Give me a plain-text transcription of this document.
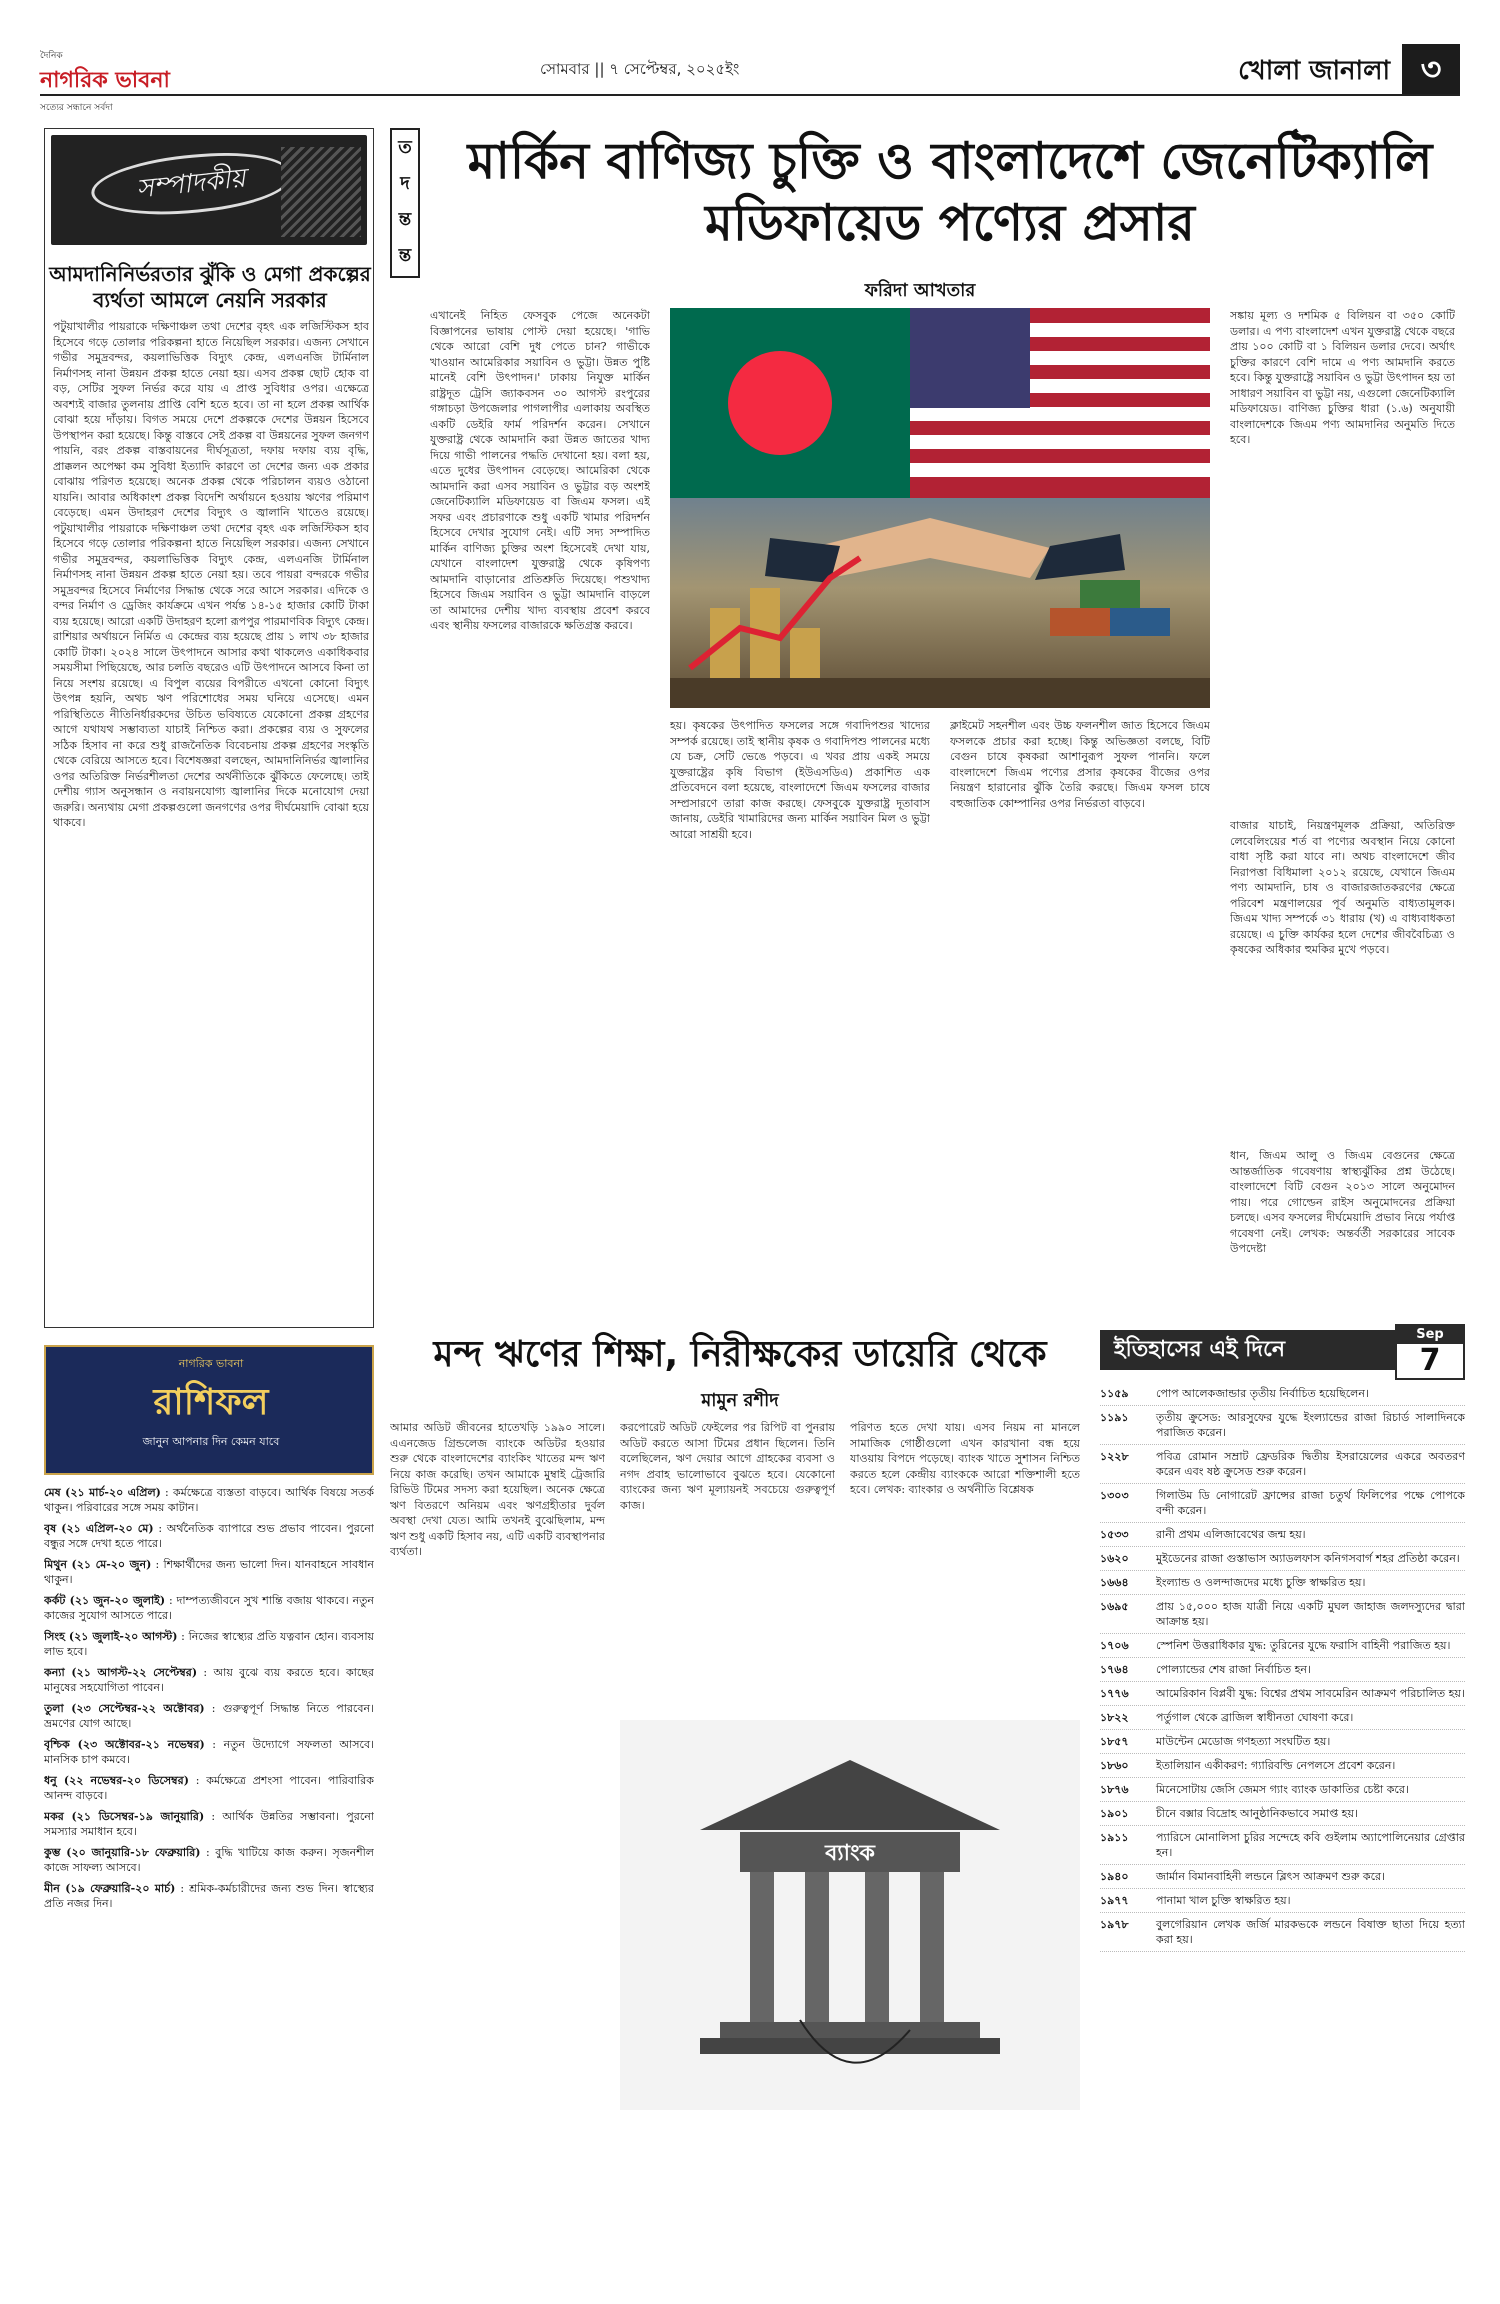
দৈনিক
নাগরিক ভাবনা
সত্যের সন্ধানে সর্বদা
সোমবার || ৭ সেপ্টেম্বর, ২০২৫ইং	খোলা জানালা ৩
সম্পাদকীয়
আমদানিনির্ভরতার ঝুঁকি ও মেগা প্রকল্পের ব্যর্থতা আমলে নেয়নি সরকার
পটুয়াখালীর পায়রাকে দক্ষিণাঞ্চল তথা দেশের বৃহৎ এক লজিস্টিকস হাব হিসেবে গড়ে তোলার পরিকল্পনা হাতে নিয়েছিল সরকার। এজন্য সেখানে গভীর সমুদ্রবন্দর, কয়লাভিত্তিক বিদ্যুৎ কেন্দ্র, এলএনজি টার্মিনাল নির্মাণসহ নানা উন্নয়ন প্রকল্প হাতে নেয়া হয়। এসব প্রকল্প ছোট হোক বা বড়, সেটির সুফল নির্ভর করে যায় এ প্রাপ্ত সুবিধার ওপর। এক্ষেত্রে অবশ্যই বাজার তুলনায় প্রাপ্তি বেশি হতে হবে। তা না হলে প্রকল্প আর্থিক বোঝা হয়ে দাঁড়ায়। বিগত সময়ে দেশে প্রকল্পকে দেশের উন্নয়ন হিসেবে উপস্থাপন করা হয়েছে। কিন্তু বাস্তবে সেই প্রকল্প বা উন্নয়নের সুফল জনগণ পায়নি, বরং প্রকল্প বাস্তবায়নের দীর্ঘসূত্রতা, দফায় দফায় ব্যয় বৃদ্ধি, প্রাক্কলন অপেক্ষা কম সুবিধা ইত্যাদি কারণে তা দেশের জন্য এক প্রকার বোঝায় পরিণত হয়েছে। অনেক প্রকল্প থেকে পরিচালন ব্যয়ও ওঠানো যায়নি। আবার অধিকাংশ প্রকল্প বিদেশি অর্থায়নে হওয়ায় ঋণের পরিমাণ বেড়েছে। এমন উদাহরণ দেশের বিদ্যুৎ ও জ্বালানি খাতেও রয়েছে। পটুয়াখালীর পায়রাকে দক্ষিণাঞ্চল তথা দেশের বৃহৎ এক লজিস্টিকস হাব হিসেবে গড়ে তোলার পরিকল্পনা হাতে নিয়েছিল সরকার। এজন্য সেখানে গভীর সমুদ্রবন্দর, কয়লাভিত্তিক বিদ্যুৎ কেন্দ্র, এলএনজি টার্মিনাল নির্মাণসহ নানা উন্নয়ন প্রকল্প হাতে নেয়া হয়। তবে পায়রা বন্দরকে গভীর সমুদ্রবন্দর হিসেবে নির্মাণের সিদ্ধান্ত থেকে সরে আসে সরকার। এদিকে ও বন্দর নির্মাণ ও ড্রেজিং কার্যক্রমে এখন পর্যন্ত ১৪-১৫ হাজার কোটি টাকা ব্যয় হয়েছে। আরো একটি উদাহরণ হলো রূপপুর পারমাণবিক বিদ্যুৎ কেন্দ্র। রাশিয়ার অর্থায়নে নির্মিত এ কেন্দ্রের ব্যয় হয়েছে প্রায় ১ লাখ ৩৮ হাজার কোটি টাকা। ২০২৪ সালে উৎপাদনে আসার কথা থাকলেও একাধিকবার সময়সীমা পিছিয়েছে, আর চলতি বছরেও এটি উৎপাদনে আসবে কিনা তা নিয়ে সংশয় রয়েছে। এ বিপুল ব্যয়ের বিপরীতে এখনো কোনো বিদ্যুৎ উৎপন্ন হয়নি, অথচ ঋণ পরিশোধের সময় ঘনিয়ে এসেছে। এমন পরিস্থিতিতে নীতিনির্ধারকদের উচিত ভবিষ্যতে যেকোনো প্রকল্প গ্রহণের আগে যথাযথ সম্ভাব্যতা যাচাই নিশ্চিত করা। প্রকল্পের ব্যয় ও সুফলের সঠিক হিসাব না করে শুধু রাজনৈতিক বিবেচনায় প্রকল্প গ্রহণের সংস্কৃতি থেকে বেরিয়ে আসতে হবে। বিশেষজ্ঞরা বলছেন, আমদানিনির্ভর জ্বালানির ওপর অতিরিক্ত নির্ভরশীলতা দেশের অর্থনীতিকে ঝুঁকিতে ফেলেছে। তাই দেশীয় গ্যাস অনুসন্ধান ও নবায়নযোগ্য জ্বালানির দিকে মনোযোগ দেয়া জরুরি। অন্যথায় মেগা প্রকল্পগুলো জনগণের ওপর দীর্ঘমেয়াদি বোঝা হয়ে থাকবে।
ত
দ
ন্ত
ন্ত
মার্কিন বাণিজ্য চুক্তি ও বাংলাদেশে জেনেটিক্যালি
মডিফায়েড পণ্যের প্রসার
ফরিদা আখতার
এখানেই নিহিত ফেসবুক পেজে অনেকটা বিজ্ঞাপনের ভাষায় পোস্ট দেয়া হয়েছে। 'গাভি থেকে আরো বেশি দুধ পেতে চান? গাভীকে খাওয়ান আমেরিকার সয়াবিন ও ভুট্টা। উন্নত পুষ্টি মানেই বেশি উৎপাদন।' ঢাকায় নিযুক্ত মার্কিন রাষ্ট্রদূত ট্রেসি জ্যাকবসন ৩০ আগস্ট রংপুরের গঙ্গাচড়া উপজেলার পাগলাপীর এলাকায় অবস্থিত একটি ডেইরি ফার্ম পরিদর্শন করেন। সেখানে যুক্তরাষ্ট্র থেকে আমদানি করা উন্নত জাতের খাদ্য দিয়ে গাভী পালনের পদ্ধতি দেখানো হয়। বলা হয়, এতে দুধের উৎপাদন বেড়েছে। আমেরিকা থেকে আমদানি করা এসব সয়াবিন ও ভুট্টার বড় অংশই জেনেটিক্যালি মডিফায়েড বা জিএম ফসল। এই সফর এবং প্রচারণাকে শুধু একটি খামার পরিদর্শন হিসেবে দেখার সুযোগ নেই। এটি সদ্য সম্পাদিত মার্কিন বাণিজ্য চুক্তির অংশ হিসেবেই দেখা যায়, যেখানে বাংলাদেশ যুক্তরাষ্ট্র থেকে কৃষিপণ্য আমদানি বাড়ানোর প্রতিশ্রুতি দিয়েছে। পশুখাদ্য হিসেবে জিএম সয়াবিন ও ভুট্টা আমদানি বাড়লে তা আমাদের দেশীয় খাদ্য ব্যবস্থায় প্রবেশ করবে এবং স্থানীয় ফসলের বাজারকে ক্ষতিগ্রস্ত করবে।
হয়। কৃষকের উৎপাদিত ফসলের সঙ্গে গবাদিপশুর খাদ্যের সম্পর্ক রয়েছে। তাই স্থানীয় কৃষক ও গবাদিপশু পালনের মধ্যে যে চক্র, সেটি ভেঙে পড়বে। এ খবর প্রায় একই সময়ে যুক্তরাষ্ট্রের কৃষি বিভাগ (ইউএসডিএ) প্রকাশিত এক প্রতিবেদনে বলা হয়েছে, বাংলাদেশে জিএম ফসলের বাজার সম্প্রসারণে তারা কাজ করছে। ফেসবুকে যুক্তরাষ্ট্র দূতাবাস জানায়, ডেইরি খামারিদের জন্য মার্কিন সয়াবিন মিল ও ভুট্টা আরো সাশ্রয়ী হবে।
ক্লাইমেট সহনশীল এবং উচ্চ ফলনশীল জাত হিসেবে জিএম ফসলকে প্রচার করা হচ্ছে। কিন্তু অভিজ্ঞতা বলছে, বিটি বেগুন চাষে কৃষকরা আশানুরূপ সুফল পাননি। ফলে বাংলাদেশে জিএম পণ্যের প্রসার কৃষকের বীজের ওপর নিয়ন্ত্রণ হারানোর ঝুঁকি তৈরি করছে। জিএম ফসল চাষে বহুজাতিক কোম্পানির ওপর নির্ভরতা বাড়বে।
সঙ্কায় মূল্য ও দশমিক ৫ বিলিয়ন বা ৩৫০ কোটি ডলার। এ পণ্য বাংলাদেশ এখন যুক্তরাষ্ট্র থেকে বছরে প্রায় ১০০ কোটি বা ১ বিলিয়ন ডলার দেবে। অর্থাৎ চুক্তির কারণে বেশি দামে এ পণ্য আমদানি করতে হবে। কিন্তু যুক্তরাষ্ট্রে সয়াবিন ও ভুট্টা উৎপাদন হয় তা সাধারণ সয়াবিন বা ভুট্টা নয়, এগুলো জেনেটিক্যালি মডিফায়েড। বাণিজ্য চুক্তির ধারা (১.৬) অনুযায়ী বাংলাদেশকে জিএম পণ্য আমদানির অনুমতি দিতে হবে।
বাজার যাচাই, নিয়ন্ত্রণমূলক প্রক্রিয়া, অতিরিক্ত লেবেলিংয়ের শর্ত বা পণ্যের অবস্থান নিয়ে কোনো বাধা সৃষ্টি করা যাবে না। অথচ বাংলাদেশে জীব নিরাপত্তা বিধিমালা ২০১২ রয়েছে, যেখানে জিএম পণ্য আমদানি, চাষ ও বাজারজাতকরণের ক্ষেত্রে পরিবেশ মন্ত্রণালয়ের পূর্ব অনুমতি বাধ্যতামূলক। জিএম খাদ্য সম্পর্কে ৩১ ধারায় (খ) এ বাধ্যবাধকতা রয়েছে। এ চুক্তি কার্যকর হলে দেশের জীববৈচিত্র্য ও কৃষকের অধিকার হুমকির মুখে পড়বে।
ধান, জিএম আলু ও জিএম বেগুনের ক্ষেত্রে আন্তর্জাতিক গবেষণায় স্বাস্থ্যঝুঁকির প্রশ্ন উঠেছে। বাংলাদেশে বিটি বেগুন ২০১৩ সালে অনুমোদন পায়। পরে গোল্ডেন রাইস অনুমোদনের প্রক্রিয়া চলছে। এসব ফসলের দীর্ঘমেয়াদি প্রভাব নিয়ে পর্যাপ্ত গবেষণা নেই। লেখক: অন্তর্বর্তী সরকারের সাবেক উপদেষ্টা
নাগরিক ভাবনা
রাশিফল
জানুন আপনার দিন কেমন যাবে
মেষ (২১ মার্চ-২০ এপ্রিল) : কর্মক্ষেত্রে ব্যস্ততা বাড়বে। আর্থিক বিষয়ে সতর্ক থাকুন। পরিবারের সঙ্গে সময় কাটান।
বৃষ (২১ এপ্রিল-২০ মে) : অর্থনৈতিক ব্যাপারে শুভ প্রভাব পাবেন। পুরনো বন্ধুর সঙ্গে দেখা হতে পারে।
মিথুন (২১ মে-২০ জুন) : শিক্ষার্থীদের জন্য ভালো দিন। যানবাহনে সাবধান থাকুন।
কর্কট (২১ জুন-২০ জুলাই) : দাম্পত্যজীবনে সুখ শান্তি বজায় থাকবে। নতুন কাজের সুযোগ আসতে পারে।
সিংহ (২১ জুলাই-২০ আগস্ট) : নিজের স্বাস্থ্যের প্রতি যত্নবান হোন। ব্যবসায় লাভ হবে।
কন্যা (২১ আগস্ট-২২ সেপ্টেম্বর) : আয় বুঝে ব্যয় করতে হবে। কাছের মানুষের সহযোগিতা পাবেন।
তুলা (২৩ সেপ্টেম্বর-২২ অক্টোবর) : গুরুত্বপূর্ণ সিদ্ধান্ত নিতে পারবেন। ভ্রমণের যোগ আছে।
বৃশ্চিক (২৩ অক্টোবর-২১ নভেম্বর) : নতুন উদ্যোগে সফলতা আসবে। মানসিক চাপ কমবে।
ধনু (২২ নভেম্বর-২০ ডিসেম্বর) : কর্মক্ষেত্রে প্রশংসা পাবেন। পারিবারিক আনন্দ বাড়বে।
মকর (২১ ডিসেম্বর-১৯ জানুয়ারি) : আর্থিক উন্নতির সম্ভাবনা। পুরনো সমস্যার সমাধান হবে।
কুম্ভ (২০ জানুয়ারি-১৮ ফেব্রুয়ারি) : বুদ্ধি খাটিয়ে কাজ করুন। সৃজনশীল কাজে সাফল্য আসবে।
মীন (১৯ ফেব্রুয়ারি-২০ মার্চ) : শ্রমিক-কর্মচারীদের জন্য শুভ দিন। স্বাস্থ্যের প্রতি নজর দিন।
মন্দ ঋণের শিক্ষা, নিরীক্ষকের ডায়েরি থেকে
মামুন রশীদ
আমার অডিট জীবনের হাতেখড়ি ১৯৯০ সালে। এএনজেড গ্রিন্ডলেজ ব্যাংকে অডিটর হওয়ার শুরু থেকে বাংলাদেশের ব্যাংকিং খাতের মন্দ ঋণ নিয়ে কাজ করেছি। তখন আমাকে মুম্বাই ট্রেজারি রিভিউ টিমের সদস্য করা হয়েছিল। অনেক ক্ষেত্রে ঋণ বিতরণে অনিয়ম এবং ঋণগ্রহীতার দুর্বল অবস্থা দেখা যেত। আমি তখনই বুঝেছিলাম, মন্দ ঋণ শুধু একটি হিসাব নয়, এটি একটি ব্যবস্থাপনার ব্যর্থতা।
করপোরেট অডিট ফেইলের পর রিপিট বা পুনরায় অডিট করতে আসা টিমের প্রধান ছিলেন। তিনি বলেছিলেন, ঋণ দেয়ার আগে গ্রাহকের ব্যবসা ও নগদ প্রবাহ ভালোভাবে বুঝতে হবে। যেকোনো ব্যাংকের জন্য ঋণ মূল্যায়নই সবচেয়ে গুরুত্বপূর্ণ কাজ।
পরিণত হতে দেখা যায়। এসব নিয়ম না মানলে সামাজিক গোষ্ঠীগুলো এখন কারখানা বন্ধ হয়ে যাওয়ায় বিপদে পড়েছে। ব্যাংক খাতে সুশাসন নিশ্চিত করতে হলে কেন্দ্রীয় ব্যাংককে আরো শক্তিশালী হতে হবে। লেখক: ব্যাংকার ও অর্থনীতি বিশ্লেষক
ব্যাংক
ইতিহাসের এই দিনে
Sep
7
১১৫৯	পোপ আলেকজান্ডার তৃতীয় নির্বাচিত হয়েছিলেন।
১১৯১	তৃতীয় ক্রুসেড: আরসুফের যুদ্ধে ইংল্যান্ডের রাজা রিচার্ড সালাদিনকে পরাজিত করেন।
১২২৮	পবিত্র রোমান সম্রাট ফ্রেডরিক দ্বিতীয় ইসরায়েলের একরে অবতরণ করেন এবং ষষ্ঠ ক্রুসেড শুরু করেন।
১৩০৩	গিলাউম ডি নোগারেট ফ্রান্সের রাজা চতুর্থ ফিলিপের পক্ষে পোপকে বন্দী করেন।
১৫৩৩	রানী প্রথম এলিজাবেথের জন্ম হয়।
১৬২০	মুইডেনের রাজা গুস্তাভাস অ্যাডলফাস কনিগসবার্গ শহর প্রতিষ্ঠা করেন।
১৬৬৪	ইংল্যান্ড ও ওলন্দাজদের মধ্যে চুক্তি স্বাক্ষরিত হয়।
১৬৯৫	প্রায় ১৫,০০০ হাজ যাত্রী নিয়ে একটি মুঘল জাহাজ জলদস্যুদের দ্বারা আক্রান্ত হয়।
১৭০৬	স্পেনিশ উত্তরাধিকার যুদ্ধ: তুরিনের যুদ্ধে ফরাসি বাহিনী পরাজিত হয়।
১৭৬৪	পোল্যান্ডের শেষ রাজা নির্বাচিত হন।
১৭৭৬	আমেরিকান বিপ্লবী যুদ্ধ: বিশ্বের প্রথম সাবমেরিন আক্রমণ পরিচালিত হয়।
১৮২২	পর্তুগাল থেকে ব্রাজিল স্বাধীনতা ঘোষণা করে।
১৮৫৭	মাউন্টেন মেডোজ গণহত্যা সংঘটিত হয়।
১৮৬০	ইতালিয়ান একীকরণ: গ্যারিবল্ডি নেপলসে প্রবেশ করেন।
১৮৭৬	মিনেসোটায় জেসি জেমস গ্যাং ব্যাংক ডাকাতির চেষ্টা করে।
১৯০১	চীনে বক্সার বিদ্রোহ আনুষ্ঠানিকভাবে সমাপ্ত হয়।
১৯১১	প্যারিসে মোনালিসা চুরির সন্দেহে কবি গুইলাম অ্যাপোলিনেয়ার গ্রেপ্তার হন।
১৯৪০	জার্মান বিমানবাহিনী লন্ডনে ব্লিৎস আক্রমণ শুরু করে।
১৯৭৭	পানামা খাল চুক্তি স্বাক্ষরিত হয়।
১৯৭৮	বুলগেরিয়ান লেখক জর্জি মারকভকে লন্ডনে বিষাক্ত ছাতা দিয়ে হত্যা করা হয়।
